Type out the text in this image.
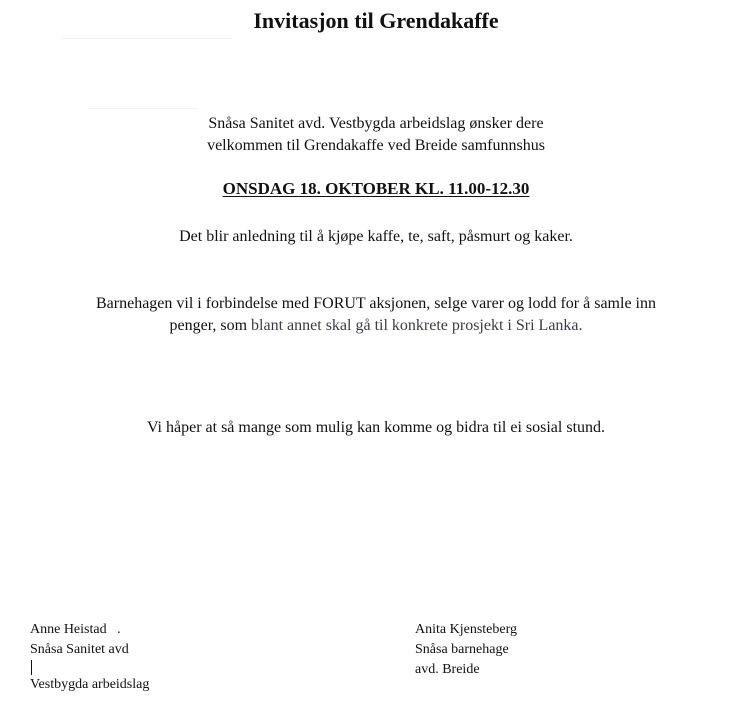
Invitasjon til Grendakaffe
Snåsa Sanitet avd. Vestbygda arbeidslag ønsker dere
velkommen til Grendakaffe ved Breide samfunnshus
ONSDAG 18. OKTOBER KL. 11.00-12.30
Det blir anledning til å kjøpe kaffe, te, saft, påsmurt og kaker.
Barnehagen vil i forbindelse med FORUT aksjonen, selge varer og lodd for å samle inn
penger, som blant annet skal gå til konkrete prosjekt i Sri Lanka.
Vi håper at så mange som mulig kan komme og bidra til ei sosial stund.
Anne Heistad   .
Snåsa Sanitet avd
Vestbygda arbeidslag
Anita Kjensteberg
Snåsa barnehage
avd. Breide
